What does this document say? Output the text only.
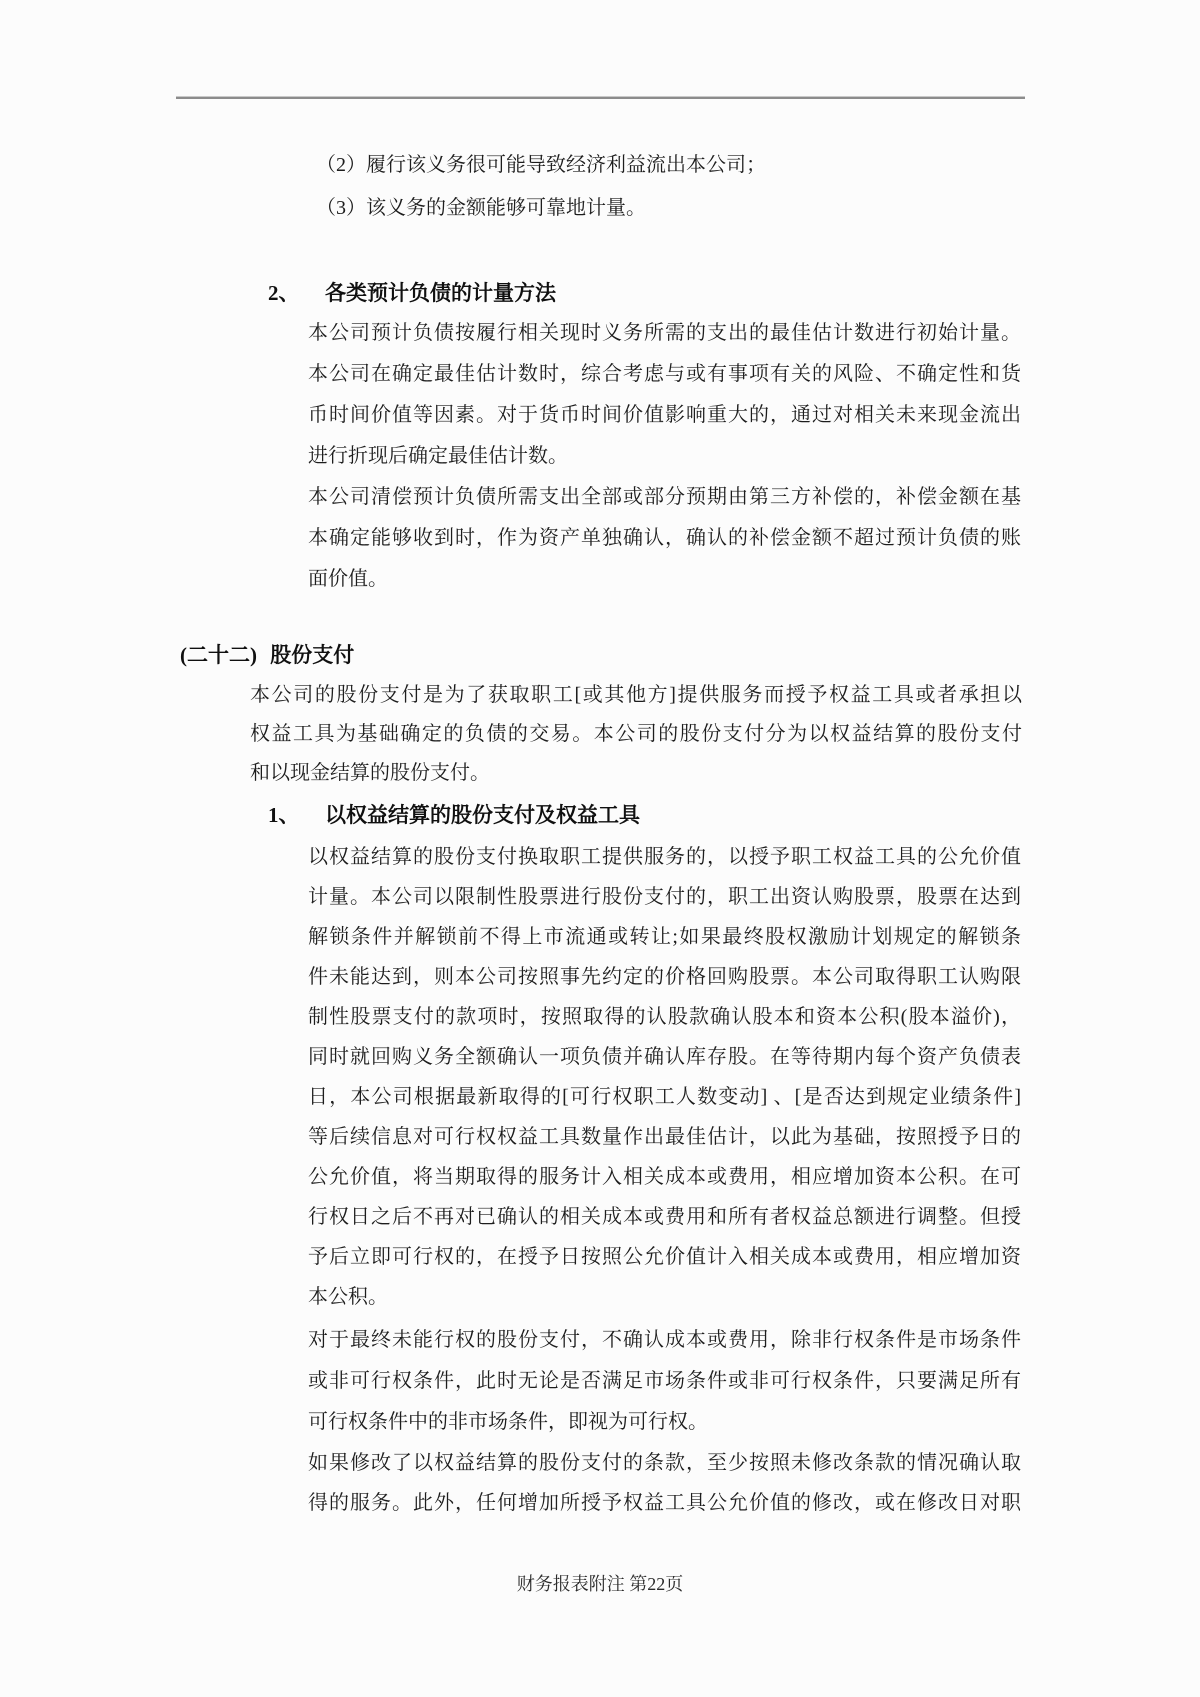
（2）履行该义务很可能导致经济利益流出本公司；
（3）该义务的金额能够可靠地计量。
2、	各类预计负债的计量方法
本公司预计负债按履行相关现时义务所需的支出的最佳估计数进行初始计量。
本公司在确定最佳估计数时，综合考虑与或有事项有关的风险、不确定性和货
币时间价值等因素。对于货币时间价值影响重大的，通过对相关未来现金流出
进行折现后确定最佳估计数。
本公司清偿预计负债所需支出全部或部分预期由第三方补偿的，补偿金额在基
本确定能够收到时，作为资产单独确认，确认的补偿金额不超过预计负债的账
面价值。
(二十二) 股份支付
本公司的股份支付是为了获取职工[或其他方]提供服务而授予权益工具或者承担以
权益工具为基础确定的负债的交易。本公司的股份支付分为以权益结算的股份支付
和以现金结算的股份支付。
1、	以权益结算的股份支付及权益工具
以权益结算的股份支付换取职工提供服务的，以授予职工权益工具的公允价值
计量。本公司以限制性股票进行股份支付的，职工出资认购股票，股票在达到
解锁条件并解锁前不得上市流通或转让;如果最终股权激励计划规定的解锁条
件未能达到，则本公司按照事先约定的价格回购股票。本公司取得职工认购限
制性股票支付的款项时，按照取得的认股款确认股本和资本公积(股本溢价)，
同时就回购义务全额确认一项负债并确认库存股。在等待期内每个资产负债表
日，本公司根据最新取得的[可行权职工人数变动] 、[是否达到规定业绩条件]
等后续信息对可行权权益工具数量作出最佳估计，以此为基础，按照授予日的
公允价值，将当期取得的服务计入相关成本或费用，相应增加资本公积。在可
行权日之后不再对已确认的相关成本或费用和所有者权益总额进行调整。但授
予后立即可行权的，在授予日按照公允价值计入相关成本或费用，相应增加资
本公积。
对于最终未能行权的股份支付，不确认成本或费用，除非行权条件是市场条件
或非可行权条件，此时无论是否满足市场条件或非可行权条件，只要满足所有
可行权条件中的非市场条件，即视为可行权。
如果修改了以权益结算的股份支付的条款，至少按照未修改条款的情况确认取
得的服务。此外，任何增加所授予权益工具公允价值的修改，或在修改日对职
财务报表附注 第22页
